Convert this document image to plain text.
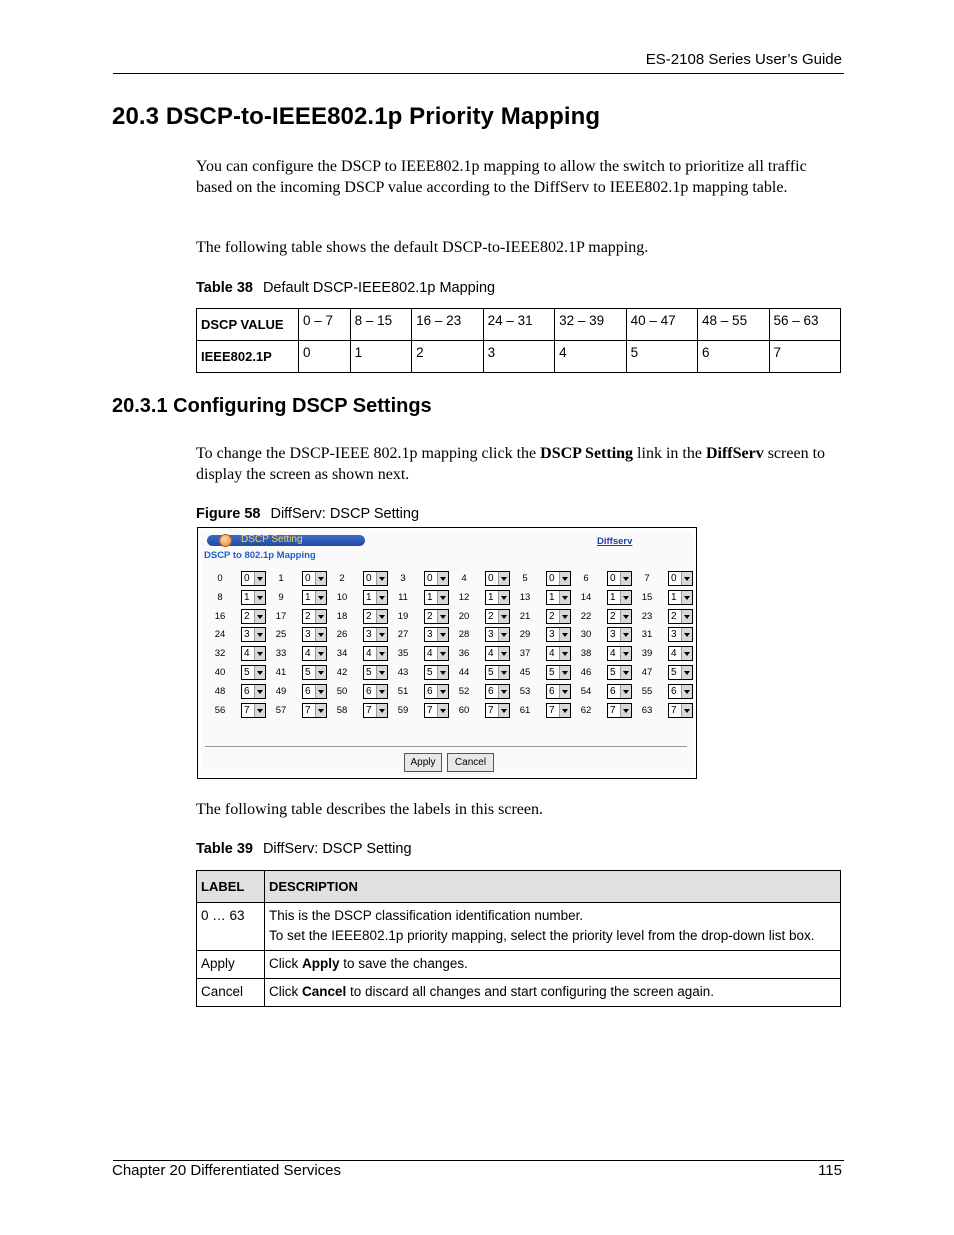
ES-2108 Series User’s Guide
20.3 DSCP-to-IEEE802.1p Priority Mapping

You can configure the DSCP to IEEE802.1p mapping to allow the switch to prioritize all traffic based on the incoming DSCP value according to the DiffServ to IEEE802.1p mapping table.

The following table shows the default DSCP-to-IEEE802.1P mapping.

Table 38 Default DSCP-IEEE802.1p Mapping
DSCP VALUE	0 – 7	8 – 15	16 – 23	24 – 31	32 – 39	40 – 47	48 – 55	56 – 63
IEEE802.1P	0	1	2	3	4	5	6	7
20.3.1 Configuring DSCP Settings

To change the DSCP-IEEE 802.1p mapping click the DSCP Setting link in the DiffServ screen to display the screen as shown next.

Figure 58 DiffServ: DSCP Setting
DSCP Setting	Diffserv
DSCP to 802.1p Mapping
0	0	1	0	2	0	3	0	4	0	5	0	6	0	7	0
8	1	9	1	10	1	11	1	12	1	13	1	14	1	15	1
16	2	17	2	18	2	19	2	20	2	21	2	22	2	23	2
24	3	25	3	26	3	27	3	28	3	29	3	30	3	31	3
32	4	33	4	34	4	35	4	36	4	37	4	38	4	39	4
40	5	41	5	42	5	43	5	44	5	45	5	46	5	47	5
48	6	49	6	50	6	51	6	52	6	53	6	54	6	55	6
56	7	57	7	58	7	59	7	60	7	61	7	62	7	63	7
Apply	Cancel

The following table describes the labels in this screen.

Table 39 DiffServ: DSCP Setting
LABEL	DESCRIPTION
0 … 63	This is the DSCP classification identification number.
To set the IEEE802.1p priority mapping, select the priority level from the drop-down list box.

Apply	Click Apply to save the changes.
Cancel	Click Cancel to discard all changes and start configuring the screen again.
Chapter 20 Differentiated Services	115
